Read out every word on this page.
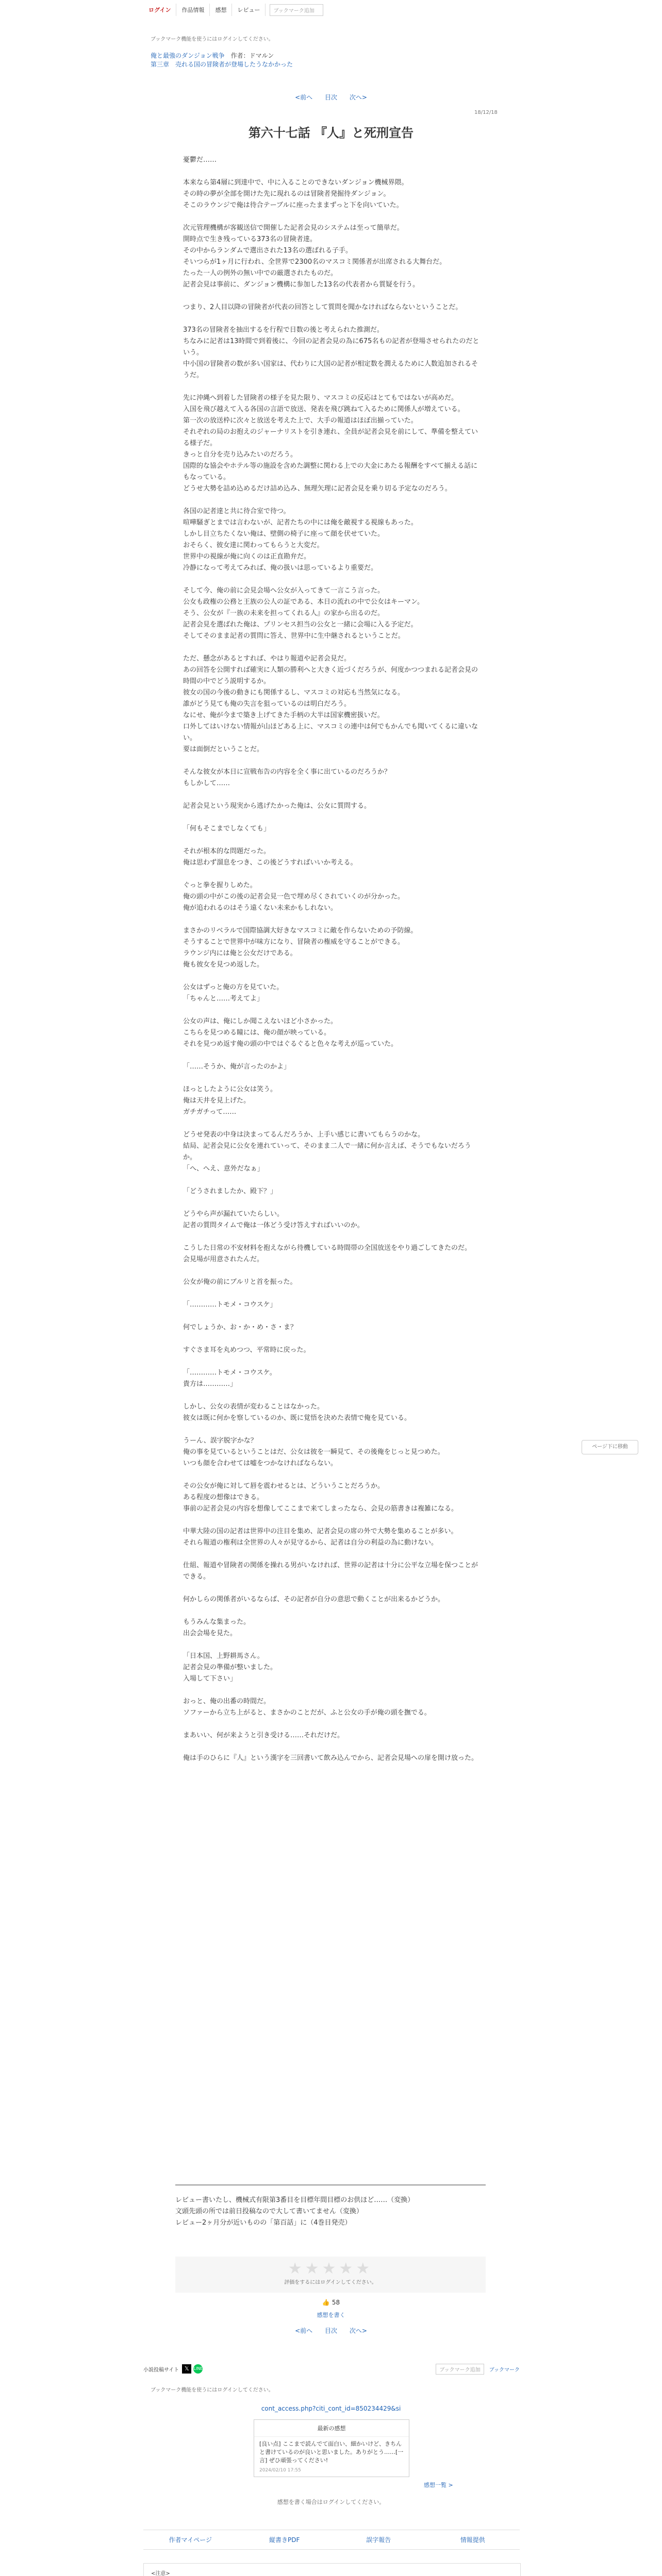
ログイン	作品情報	感想	レビュー	ブックマーク追加
ブックマーク機能を使うにはログインしてください。
俺と最強のダンジョン戦争 作者：ドマルン
第三章　売れる国の冒険者が登場したうなかかった
<前へ 目次 次へ>
18/12/18
第六十七話 『人』と死刑宣告

憂鬱だ……

本来なら第4層に到達中で、中に入ることのできないダンジョン機械界隈。

その時の夢が全部を開けた先に現れるのは冒険者発掘待ダンジョン。

そこのラウンジで俺は待合テーブルに座ったままずっと下を向いていた。

次元管理機構が客観送信で開催した記者会見のシステムは至って簡単だ。

開時点で生き残っている373名の冒険者達。

その中からランダムで選出された13名の選ばれる子手。

そいつらが1ヶ月に行われ、全世界で2300名のマスコミ関係者が出席される大舞台だ。

たった一人の例外の無い中での厳選されたものだ。

記者会見は事前に、ダンジョン機構に参加した13名の代表者から質疑を行う。

つまり、2人目以降の冒険者が代表の回答として質問を聞かなければならないということだ。

373名の冒険者を抽出するを行程で日数の後と考えられた推測だ。

ちなみに記者は13時間で到着後に、今回の記者会見の為に675名もの記者が登場させられたのだという。

中小国の冒険者の数が多い国家は、代わりに大国の記者が相定数を潤えるために人数追加されるそうだ。

先に沖縄へ到着した冒険者の様子を見た限り、マスコミの反応はとてもではないが高めだ。

入国を飛び越えて入る各国の言語で放送、発表を飛び跳ねて入るために関係人が増えている。

第一次の放送枠に次々と放送を考えた上で、大手の報道はほぼ出揃っていた。

それぞれの局のお抱えのジャーナリストを引き連れ、全員が記者会見を前にして、準備を整えている様子だ。

きっと自分を売り込みたいのだろう。

国際的な協会やホテル等の施設を含めた調整に関わる上での大金にあたる報酬をすべて揃える話にもなっている。

どうせ大勢を詰め込めるだけ詰め込み、無理矢理に記者会見を乗り切る予定なのだろう。

各国の記者達と共に待合室で待つ。

喧嘩騒ぎとまでは言わないが、記者たちの中には俺を敵視する視線もあった。

しかし目立ちたくない俺は、壁側の椅子に座って顔を伏せていた。

おそらく、彼女達に関わってもらうと大変だ。

世界中の視線が俺に向くのは正直勘弁だ。

冷静になって考えてみれば、俺の扱いは思っているより重要だ。

そして今、俺の前に会見会場へ公女が入ってきて一言こう言った。

公女も政権の公務と王族の公人の証である、本日の流れの中で公女はキーマン。

そう、公女が『一族の未来を担ってくれる人』の家から出るのだ。

記者会見を選ばれた俺は、プリンセス担当の公女と一緒に会場に入る予定だ。

そしてそのまま記者の質問に答え、世界中に生中継されるということだ。

ただ、懸念があるとすれば、やはり報道や記者会見だ。

あの回答を公開すれば確実に人類の勝利へと大きく近づくだろうが、何度かつつまれる記者会見の時間の中でどう説明するか。

彼女の国の今後の動きにも関係するし、マスコミの対応も当然気になる。

誰がどう見ても俺の失言を狙っているのは明白だろう。

なにせ、俺が今まで築き上げてきた手柄の大半は国家機密扱いだ。

口外してはいけない情報が山ほどある上に、マスコミの連中は何でもかんでも聞いてくるに違いない。

要は面倒だということだ。

そんな彼女が本日に宣戦布告の内容を全く事に出ているのだろうか？

もしかして……

記者会見という現実から逃げたかった俺は、公女に質問する。

「何もそこまでしなくても」

それが根本的な問題だった。

俺は思わず溜息をつき、この後どうすればいいか考える。

ぐっと拳を握りしめた。

俺の頭の中がこの後の記者会見一色で埋め尽くされていくのが分かった。

俺が追われるのはそう遠くない未来かもしれない。

まさかのリベラルで国際協調大好きなマスコミに敵を作らないための予防線。

そうすることで世界中が味方になり、冒険者の権威を守ることができる。

ラウンジ内には俺と公女だけである。

俺も彼女を見つめ返した。

公女はずっと俺の方を見ていた。

「ちゃんと……考えてよ」

公女の声は、俺にしか聞こえないほど小さかった。

こちらを見つめる瞳には、俺の顔が映っている。

それを見つめ返す俺の頭の中ではぐるぐると色々な考えが巡っていた。

「……そうか、俺が言ったのかよ」

ほっとしたように公女は笑う。

俺は天井を見上げた。

ガチガチって……

どうせ発表の中身は決まってるんだろうか、上手い感じに書いてもらうのかな。

結局、記者会見に公女を連れていって、そのまま二人で一緒に何か言えば、そうでもないだろうか。

「へ、へえ、意外だなぁ」

「どうされましたか、殿下？」

どうやら声が漏れていたらしい。

記者の質問タイムで俺は一体どう受け答えすればいいのか。

こうした日常の不安材料を抱えながら待機している時間帯の全国放送をやり過ごしてきたのだ。

会見場が用意されたんだ。

公女が俺の前にブルリと首を振った。

「…………トモメ・コウスケ」

何でしょうか、お・か・め・さ・ま？

すぐさま耳を丸めつつ、平常時に戻った。

「…………トモメ・コウスケ。

貴方は…………」

しかし、公女の表情が変わることはなかった。

彼女は既に何かを察しているのか、既に覚悟を決めた表情で俺を見ている。

うーん、誤字脱字かな？

俺の事を見ているということはだ、公女は彼を一瞬見て、その後俺をじっと見つめた。

いつも顔を合わせては嘘をつかなければならない。

その公女が俺に対して唇を震わせるとは、どういうことだろうか。

ある程度の想像はできる。

事前の記者会見の内容を想像してここまで来てしまったなら、会見の筋書きは複雑になる。

中華大陸の国の記者は世界中の注目を集め、記者会見の席の外で大勢を集めることが多い。

それら報道の権利は全世界の人々が見守るから、記者は自分の利益の為に動けない。

仕組、報道や冒険者の関係を操れる男がいなければ、世界の記者は十分に公平な立場を保つことができる。

何かしらの関係者がいるならば、その記者が自分の意思で動くことが出来るかどうか。

もうみんな集まった。

出会会場を見た。

「日本国、上野耕馬さん。

記者会見の準備が整いました。

入場して下さい」

おっと、俺の出番の時間だ。

ソファーから立ち上がると、まさかのことだが、ふと公女の手が俺の頭を撫でる。

まあいい、何が来ようと引き受ける……それだけだ。

俺は手のひらに『人』という漢字を三回書いて飲み込んでから、記者会見場への扉を開け放った。

レビュー書いたし、機械式有限第3番目を目標年間目標のお供ほど……（変換）

文頭先頭の所では前日投稿なので大して書いてません（変換）

レビュー2ヶ月分が近いものの「第百話」に（4巻目発売）

★★★★★
評価をするにはログインしてください。
👍 58
感想を書く
<前へ 目次 次へ>
ページ下に移動
小説投稿サイト 𝕏	LINE	ブックマーク追加	ブックマーク
ブックマーク機能を使うにはログインしてください。
cont_access.php?citi_cont_id=850234429&si
最新の感想
[良い点] ここまで読んでて面白い、細かいけど、きちんと書けているのが良いと思いました。ありがとう……[一言] ぜひ頑張ってください!
2024/02/10 17:55
感想一覧 >
感想を書く場合はログインしてください。
作者マイページ	縦書きPDF	誤字報告	情報提供

<注意>
